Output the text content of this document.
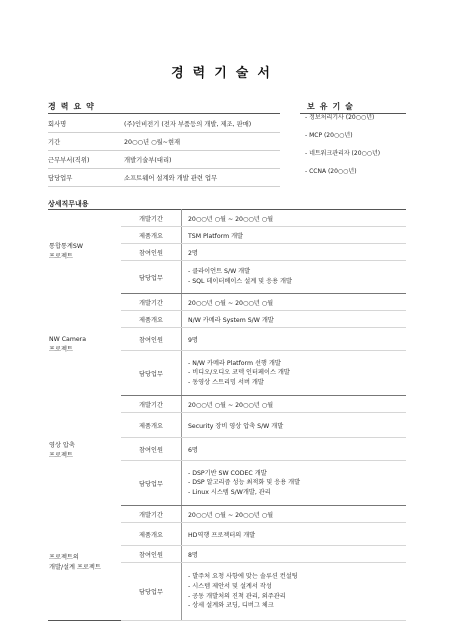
경력기술서
경력요약
회사명	(주)인비전기 (전자 부품등의 개발, 제조, 판매)
기간	20○○년 ○월~현재
근무부서(직위)	개발기술부(대리)
담당업무	소프트웨어 설계와 개발 관련 업무
보유기술
- 정보처리기사 (20○○년)
- MCP (20○○년)
- 네트워크관리자 (20○○년)
- CCNA (20○○년)
상세직무내용
통합통계SW
프로젝트	개발기간	20○○년 ○월 ~ 20○○년 ○월
	제품개요	TSM Platform 개발
	참여인원	2명
	담당업무	- 클라이언트 S/W 개발
- SQL 데이터베이스 설계 및 응용 개발

NW Camera
프로젝트	개발기간	20○○년 ○월 ~ 20○○년 ○월
	제품개요	N/W 카메라 System S/W 개발
	참여인원	9명
	담당업무	- N/W 카메라 Platform 선행 개발
- 비디오/오디오 코덱 인터페이스 개발
- 동영상 스트리밍 서버 개발

영상 압축
프로젝트	개발기간	20○○년 ○월 ~ 20○○년 ○월
	제품개요	Security 장비 영상 압축 S/W 개발
	참여인원	6명
	담당업무	- DSP기반 SW CODEC 개발
- DSP 알고리즘 성능 최적화 및 응용 개발
- Linux 시스템 S/W개발, 관리

프로젝트의
개발/설계 프로젝트	개발기간	20○○년 ○월 ~ 20○○년 ○월
	제품개요	HD역행 프로젝터의 개발
	참여인원	8명
	담당업무	- 발주처 요청 사항에 맞는 솔루션 컨설팅
- 시스템 제안서 및 설계서 작성
- 공동 개발처의 진척 관리, 외주관리
- 상세 설계와 코딩, 디버그 체크
